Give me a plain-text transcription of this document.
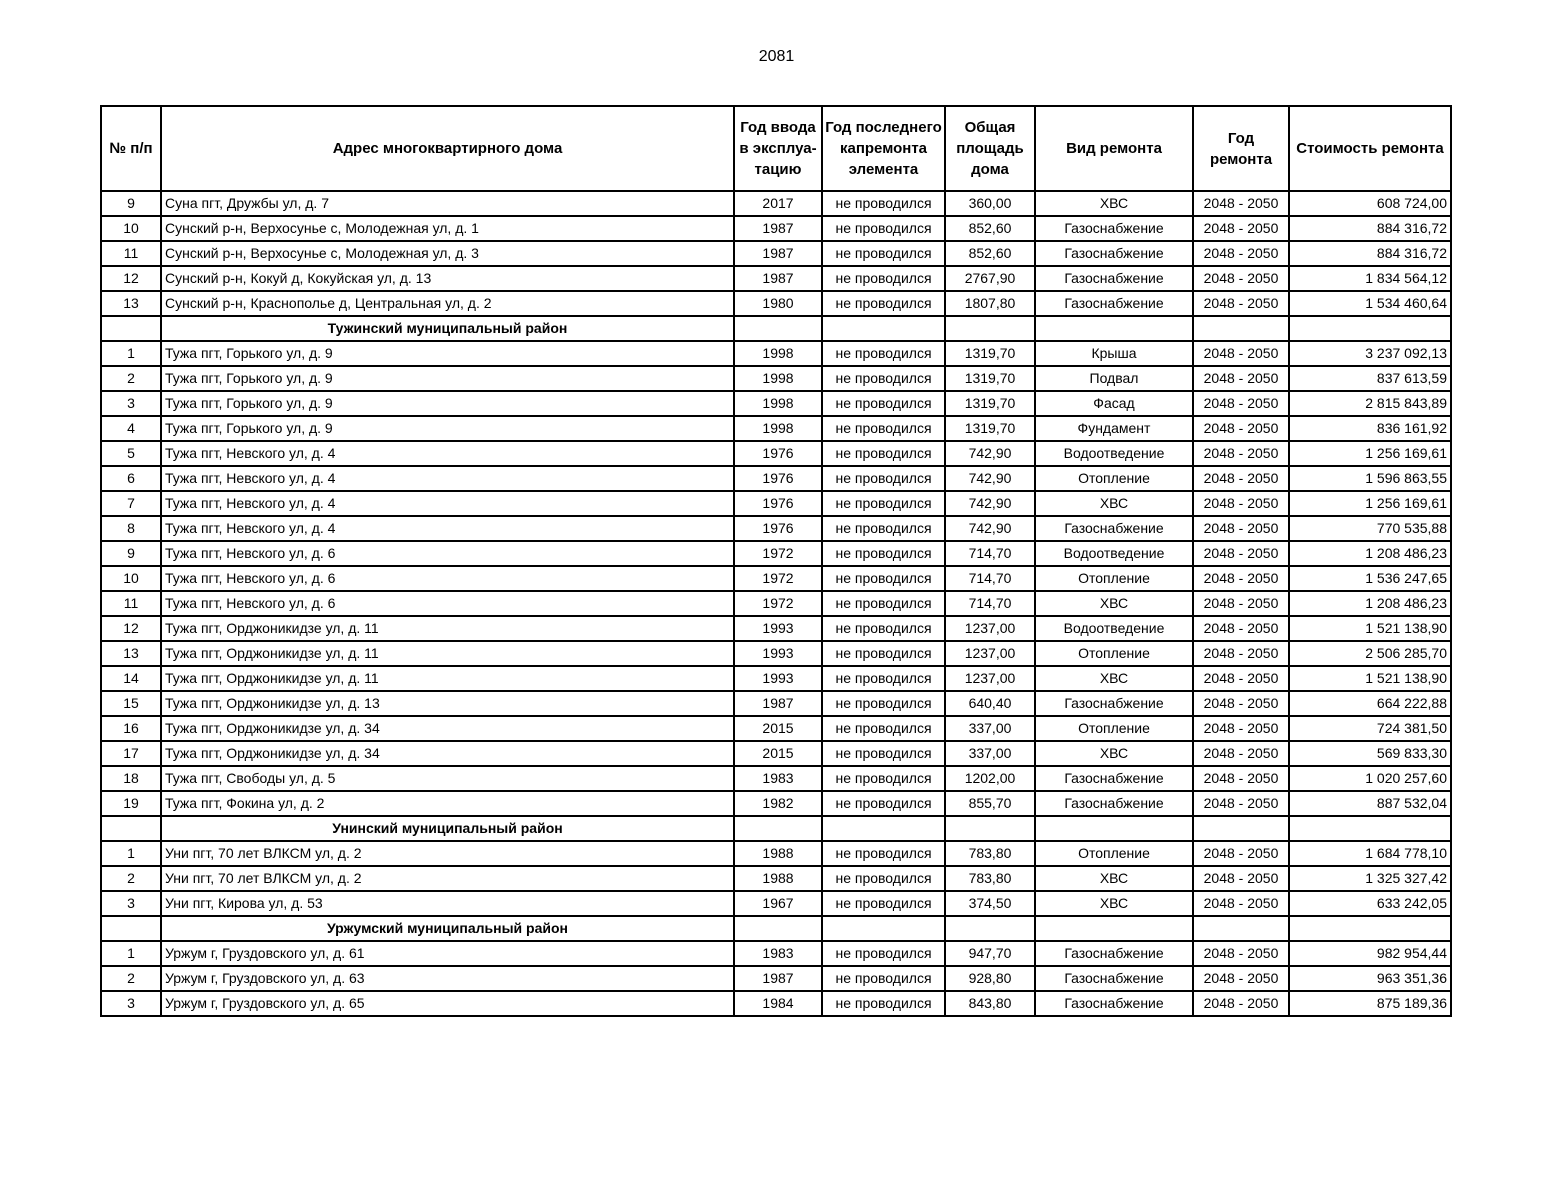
2081
№ п/п	Адрес многоквартирного дома	Год ввода в эксплуа-тацию	Год последнего капремонта элемента	Общая площадь дома	Вид ремонта	Год ремонта	Стоимость ремонта
9	Суна пгт, Дружбы ул, д. 7	2017	не проводился	360,00	ХВС	2048 - 2050	608 724,00
10	Сунский р-н, Верхосунье с, Молодежная ул, д. 1	1987	не проводился	852,60	Газоснабжение	2048 - 2050	884 316,72
11	Сунский р-н, Верхосунье с, Молодежная ул, д. 3	1987	не проводился	852,60	Газоснабжение	2048 - 2050	884 316,72
12	Сунский р-н, Кокуй д, Кокуйская ул, д. 13	1987	не проводился	2767,90	Газоснабжение	2048 - 2050	1 834 564,12
13	Сунский р-н, Краснополье д, Центральная ул, д. 2	1980	не проводился	1807,80	Газоснабжение	2048 - 2050	1 534 460,64
	Тужинский муниципальный район						
1	Тужа пгт, Горького ул, д. 9	1998	не проводился	1319,70	Крыша	2048 - 2050	3 237 092,13
2	Тужа пгт, Горького ул, д. 9	1998	не проводился	1319,70	Подвал	2048 - 2050	837 613,59
3	Тужа пгт, Горького ул, д. 9	1998	не проводился	1319,70	Фасад	2048 - 2050	2 815 843,89
4	Тужа пгт, Горького ул, д. 9	1998	не проводился	1319,70	Фундамент	2048 - 2050	836 161,92
5	Тужа пгт, Невского ул, д. 4	1976	не проводился	742,90	Водоотведение	2048 - 2050	1 256 169,61
6	Тужа пгт, Невского ул, д. 4	1976	не проводился	742,90	Отопление	2048 - 2050	1 596 863,55
7	Тужа пгт, Невского ул, д. 4	1976	не проводился	742,90	ХВС	2048 - 2050	1 256 169,61
8	Тужа пгт, Невского ул, д. 4	1976	не проводился	742,90	Газоснабжение	2048 - 2050	770 535,88
9	Тужа пгт, Невского ул, д. 6	1972	не проводился	714,70	Водоотведение	2048 - 2050	1 208 486,23
10	Тужа пгт, Невского ул, д. 6	1972	не проводился	714,70	Отопление	2048 - 2050	1 536 247,65
11	Тужа пгт, Невского ул, д. 6	1972	не проводился	714,70	ХВС	2048 - 2050	1 208 486,23
12	Тужа пгт, Орджоникидзе ул, д. 11	1993	не проводился	1237,00	Водоотведение	2048 - 2050	1 521 138,90
13	Тужа пгт, Орджоникидзе ул, д. 11	1993	не проводился	1237,00	Отопление	2048 - 2050	2 506 285,70
14	Тужа пгт, Орджоникидзе ул, д. 11	1993	не проводился	1237,00	ХВС	2048 - 2050	1 521 138,90
15	Тужа пгт, Орджоникидзе ул, д. 13	1987	не проводился	640,40	Газоснабжение	2048 - 2050	664 222,88
16	Тужа пгт, Орджоникидзе ул, д. 34	2015	не проводился	337,00	Отопление	2048 - 2050	724 381,50
17	Тужа пгт, Орджоникидзе ул, д. 34	2015	не проводился	337,00	ХВС	2048 - 2050	569 833,30
18	Тужа пгт, Свободы ул, д. 5	1983	не проводился	1202,00	Газоснабжение	2048 - 2050	1 020 257,60
19	Тужа пгт, Фокина ул, д. 2	1982	не проводился	855,70	Газоснабжение	2048 - 2050	887 532,04
	Унинский муниципальный район						
1	Уни пгт, 70 лет ВЛКСМ ул, д. 2	1988	не проводился	783,80	Отопление	2048 - 2050	1 684 778,10
2	Уни пгт, 70 лет ВЛКСМ ул, д. 2	1988	не проводился	783,80	ХВС	2048 - 2050	1 325 327,42
3	Уни пгт, Кирова ул, д. 53	1967	не проводился	374,50	ХВС	2048 - 2050	633 242,05
	Уржумский муниципальный район						
1	Уржум г, Груздовского ул, д. 61	1983	не проводился	947,70	Газоснабжение	2048 - 2050	982 954,44
2	Уржум г, Груздовского ул, д. 63	1987	не проводился	928,80	Газоснабжение	2048 - 2050	963 351,36
3	Уржум г, Груздовского ул, д. 65	1984	не проводился	843,80	Газоснабжение	2048 - 2050	875 189,36
